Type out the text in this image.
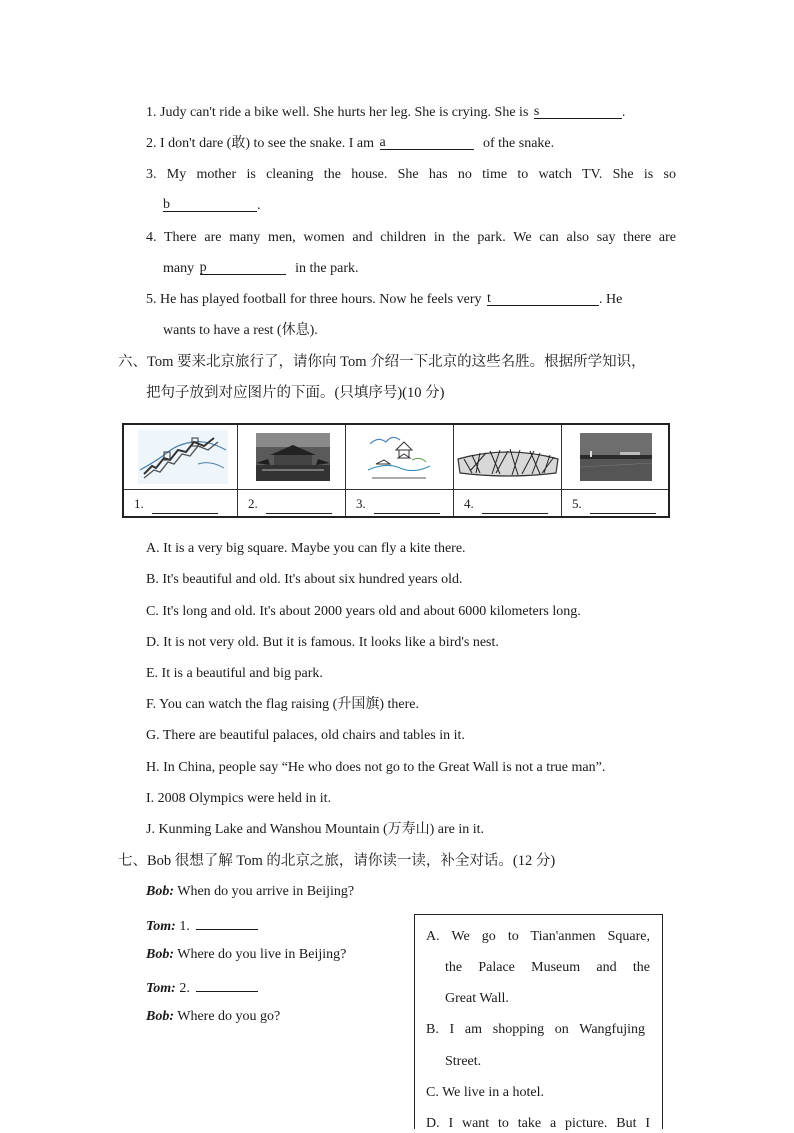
1. Judy can't ride a bike well. She hurts her leg. She is crying. She is s	.
2. I don't dare (敢) to see the snake. I am a	of the snake.
3. My mother is cleaning the house. She has no time to watch TV. She is so
b	.
4. There are many men, women and children in the park. We can also say there are
many p	in the park.
5. He has played football for three hours. Now he feels very t	. He
wants to have a rest (休息).
六、Tom 要来北京旅行了，请你向 Tom 介绍一下北京的这些名胜。根据所学知识，
把句子放到对应图片的下面。(只填序号)(10 分)
1.	2.	3.	4.	5.
A. It is a very big square. Maybe you can fly a kite there.
B. It's beautiful and old. It's about six hundred years old.
C. It's long and old. It's about 2000 years old and about 6000 kilometers long.
D. It is not very old. But it is famous. It looks like a bird's nest.
E. It is a beautiful and big park.
F. You can watch the flag raising (升国旗) there.
G. There are beautiful palaces, old chairs and tables in it.
H. In China, people say “He who does not go to the Great Wall is not a true man”.
I. 2008 Olympics were held in it.
J. Kunming Lake and Wanshou Mountain (万寿山) are in it.
七、Bob 很想了解 Tom 的北京之旅，请你读一读，补全对话。(12 分)
Bob: When do you arrive in Beijing?
Tom: 1.
Bob: Where do you live in Beijing?
Tom: 2.
Bob: Where do you go?
A. We go to Tian'anmen Square,
the Palace Museum and the
Great Wall.
B. I am shopping on Wangfujing
Street.
C. We live in a hotel.
D. I want to take a picture. But I
